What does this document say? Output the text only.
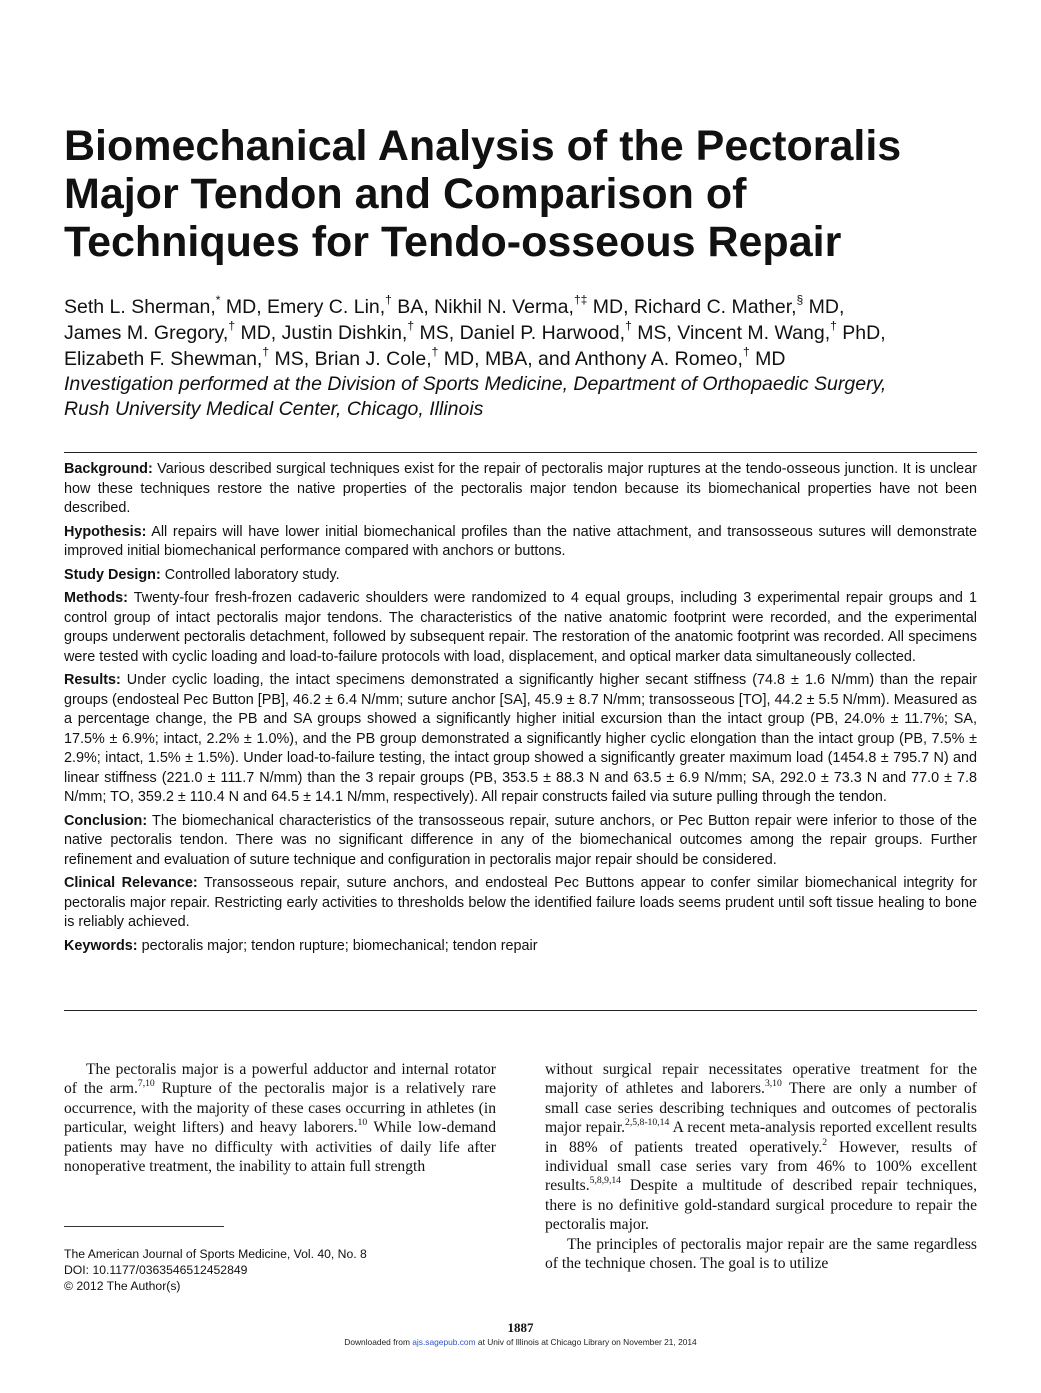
Biomechanical Analysis of the Pectoralis
Major Tendon and Comparison of
Techniques for Tendo-osseous Repair
Seth L. Sherman,* MD, Emery C. Lin,† BA, Nikhil N. Verma,†‡ MD, Richard C. Mather,§ MD,
James M. Gregory,† MD, Justin Dishkin,† MS, Daniel P. Harwood,† MS, Vincent M. Wang,† PhD,
Elizabeth F. Shewman,† MS, Brian J. Cole,† MD, MBA, and Anthony A. Romeo,† MD
Investigation performed at the Division of Sports Medicine, Department of Orthopaedic Surgery,
Rush University Medical Center, Chicago, Illinois

Background: Various described surgical techniques exist for the repair of pectoralis major ruptures at the tendo-osseous junction. It is unclear how these techniques restore the native properties of the pectoralis major tendon because its biomechanical properties have not been described.

Hypothesis: All repairs will have lower initial biomechanical profiles than the native attachment, and transosseous sutures will demonstrate improved initial biomechanical performance compared with anchors or buttons.

Study Design: Controlled laboratory study.

Methods: Twenty-four fresh-frozen cadaveric shoulders were randomized to 4 equal groups, including 3 experimental repair groups and 1 control group of intact pectoralis major tendons. The characteristics of the native anatomic footprint were recorded, and the experimental groups underwent pectoralis detachment, followed by subsequent repair. The restoration of the anatomic footprint was recorded. All specimens were tested with cyclic loading and load-to-failure protocols with load, displacement, and optical marker data simultaneously collected.

Results: Under cyclic loading, the intact specimens demonstrated a significantly higher secant stiffness (74.8 ± 1.6 N/mm) than the repair groups (endosteal Pec Button [PB], 46.2 ± 6.4 N/mm; suture anchor [SA], 45.9 ± 8.7 N/mm; transosseous [TO], 44.2 ± 5.5 N/mm). Measured as a percentage change, the PB and SA groups showed a significantly higher initial excursion than the intact group (PB, 24.0% ± 11.7%; SA, 17.5% ± 6.9%; intact, 2.2% ± 1.0%), and the PB group demonstrated a significantly higher cyclic elongation than the intact group (PB, 7.5% ± 2.9%; intact, 1.5% ± 1.5%). Under load-to-failure testing, the intact group showed a significantly greater maximum load (1454.8 ± 795.7 N) and linear stiffness (221.0 ± 111.7 N/mm) than the 3 repair groups (PB, 353.5 ± 88.3 N and 63.5 ± 6.9 N/mm; SA, 292.0 ± 73.3 N and 77.0 ± 7.8 N/mm; TO, 359.2 ± 110.4 N and 64.5 ± 14.1 N/mm, respectively). All repair constructs failed via suture pulling through the tendon.

Conclusion: The biomechanical characteristics of the transosseous repair, suture anchors, or Pec Button repair were inferior to those of the native pectoralis tendon. There was no significant difference in any of the biomechanical outcomes among the repair groups. Further refinement and evaluation of suture technique and configuration in pectoralis major repair should be considered.

Clinical Relevance: Transosseous repair, suture anchors, and endosteal Pec Buttons appear to confer similar biomechanical integrity for pectoralis major repair. Restricting early activities to thresholds below the identified failure loads seems prudent until soft tissue healing to bone is reliably achieved.

Keywords: pectoralis major; tendon rupture; biomechanical; tendon repair

The pectoralis major is a powerful adductor and internal rotator of the arm.$^{7,10}$ Rupture of the pectoralis major is a relatively rare occurrence, with the majority of these cases occurring in athletes (in particular, weight lifters) and heavy laborers.$^{10}$ While low-demand patients may have no difficulty with activities of daily life after nonoperative treatment, the inability to attain full strength

without surgical repair necessitates operative treatment for the majority of athletes and laborers.$^{3,10}$ There are only a number of small case series describing techniques and outcomes of pectoralis major repair.$^{2,5,8-10,14}$ A recent meta-analysis reported excellent results in 88% of patients treated operatively.$^2$ However, results of individual small case series vary from 46% to 100% excellent results.$^{5,8,9,14}$ Despite a multitude of described repair techniques, there is no definitive gold-standard surgical procedure to repair the pectoralis major.

The principles of pectoralis major repair are the same regardless of the technique chosen. The goal is to utilize

The American Journal of Sports Medicine, Vol. 40, No. 8
DOI: 10.1177/0363546512452849
© 2012 The Author(s)
1887
Downloaded from ajs.sagepub.com at Univ of Illinois at Chicago Library on November 21, 2014
